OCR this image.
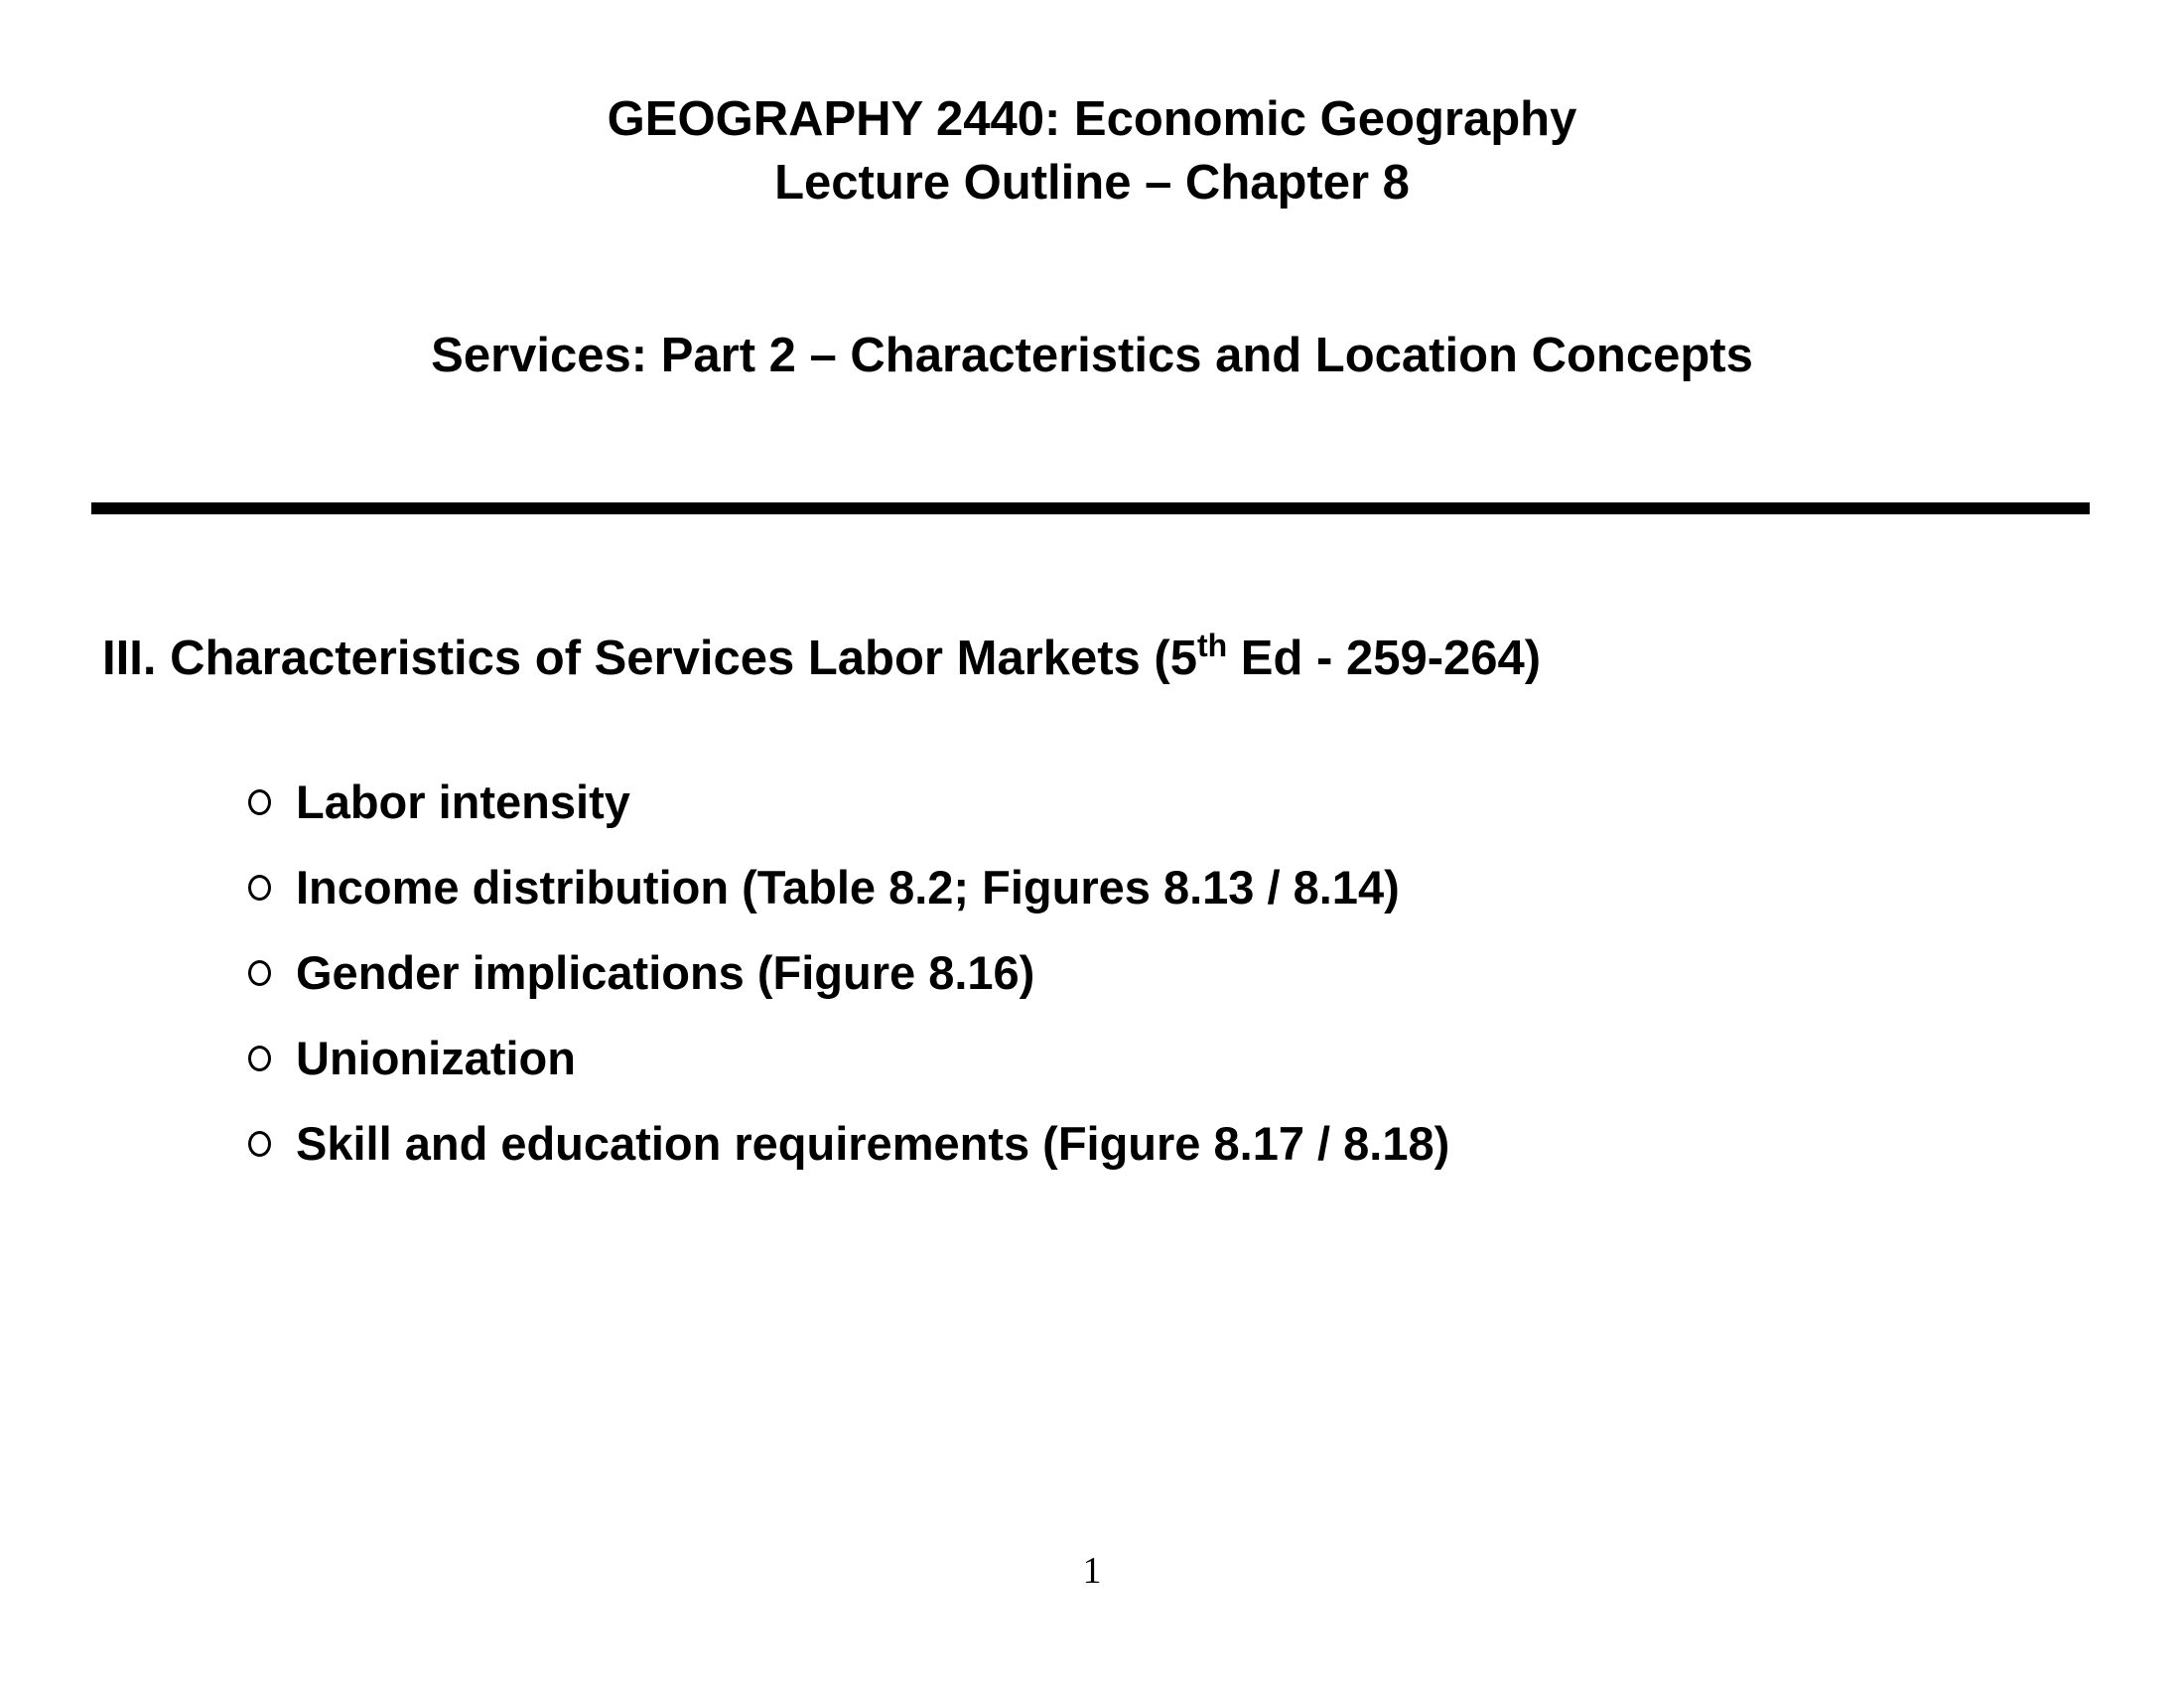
GEOGRAPHY 2440: Economic Geography
Lecture Outline – Chapter 8
Services: Part 2 – Characteristics and Location Concepts
III. Characteristics of Services Labor Markets (5th Ed - 259-264)
Labor intensity
Income distribution (Table 8.2; Figures 8.13 / 8.14)
Gender implications (Figure 8.16)
Unionization
Skill and education requirements (Figure 8.17 / 8.18)
1
